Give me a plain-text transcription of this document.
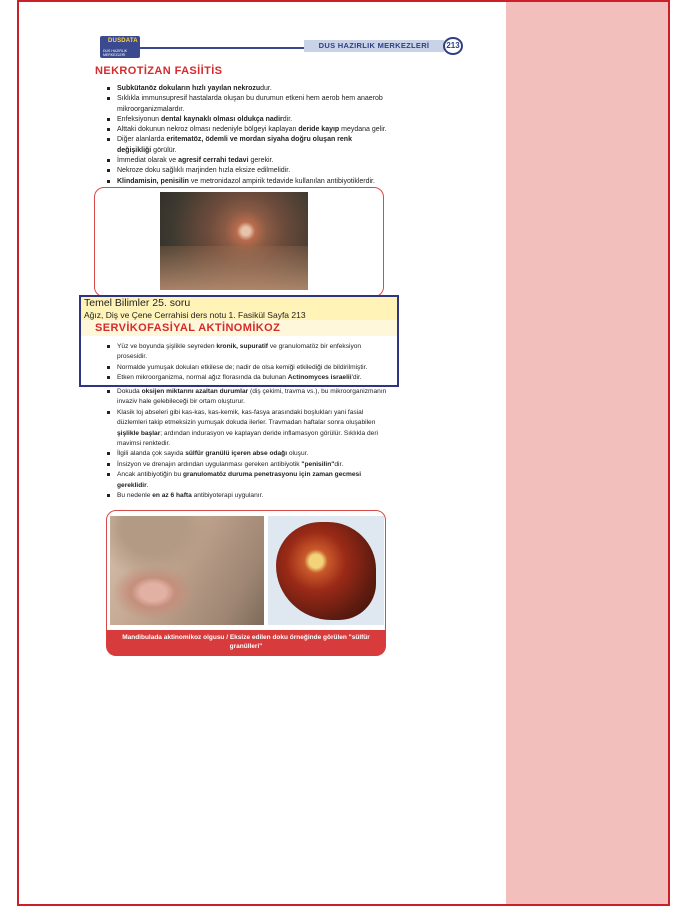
DUSDATA
DUS HAZIRLIK MERKEZLERİ
DUS HAZIRLIK MERKEZLERİ	213
NEKROTİZAN FASİİTİS
Subkütanöz dokuların hızlı yayılan nekrozudur.
Sıklıkla immunsupresif hastalarda oluşan bu durumun etkeni hem aerob hem anaerob mikroorganizmalardır.
Enfeksiyonun dental kaynaklı olması oldukça nadirdir.
Alttaki dokunun nekroz olması nedeniyle bölgeyi kaplayan deride kayıp meydana gelir.
Diğer alanlarda eritematöz, ödemli ve mordan siyaha doğru oluşan renk değişikliği görülür.
İmmediat olarak ve agresif cerrahi tedavi gerekir.
Nekroze doku sağlıklı marjinden hızla eksize edilmelidir.
Klindamisin, penisilin ve metronidazol ampirik tedavide kullanılan antibiyotiklerdir.
Temel Bilimler 25. soru
Ağız, Diş ve Çene Cerrahisi ders notu 1. Fasikül Sayfa 213
SERVİKOFASİYAL AKTİNOMİKOZ
Yüz ve boyunda şişlikle seyreden kronik, supuratif ve granulomatöz bir enfeksiyon prosesidir.
Normalde yumuşak dokuları etkilese de; nadir de olsa kemiği etkilediği de bildirilmiştir.
Etken mikroorganizma, normal ağız florasında da bulunan Actinomyces israelii'dir.
Dokuda oksijen miktarını azaltan durumlar (diş çekimi, travma vs.), bu mikroorganizmanın invaziv hale gelebileceği bir ortam oluşturur.
Klasik loj abseleri gibi kas-kas, kas-kemik, kas-fasya arasındaki boşlukları yani fasial düzlemleri takip etmeksizin yumuşak dokuda ilerler. Travmadan haftalar sonra oluşabilen şişlikle başlar; ardından indurasyon ve kaplayan deride inflamasyon görülür. Sıklıkla deri mavimsi renktedir.
İlgili alanda çok sayıda sülfür granülü içeren abse odağı oluşur.
İnsizyon ve drenajın ardından uygulanması gereken antibiyotik "penisilin"dir.
Ancak antibiyotiğin bu granulomatöz duruma penetrasyonu için zaman gecmesi gereklidir.
Bu nedenle en az 6 hafta antibiyoterapi uygulanır.
Mandibulada aktinomikoz olgusu / Eksize edilen doku örneğinde görülen "sülfür granülleri"
